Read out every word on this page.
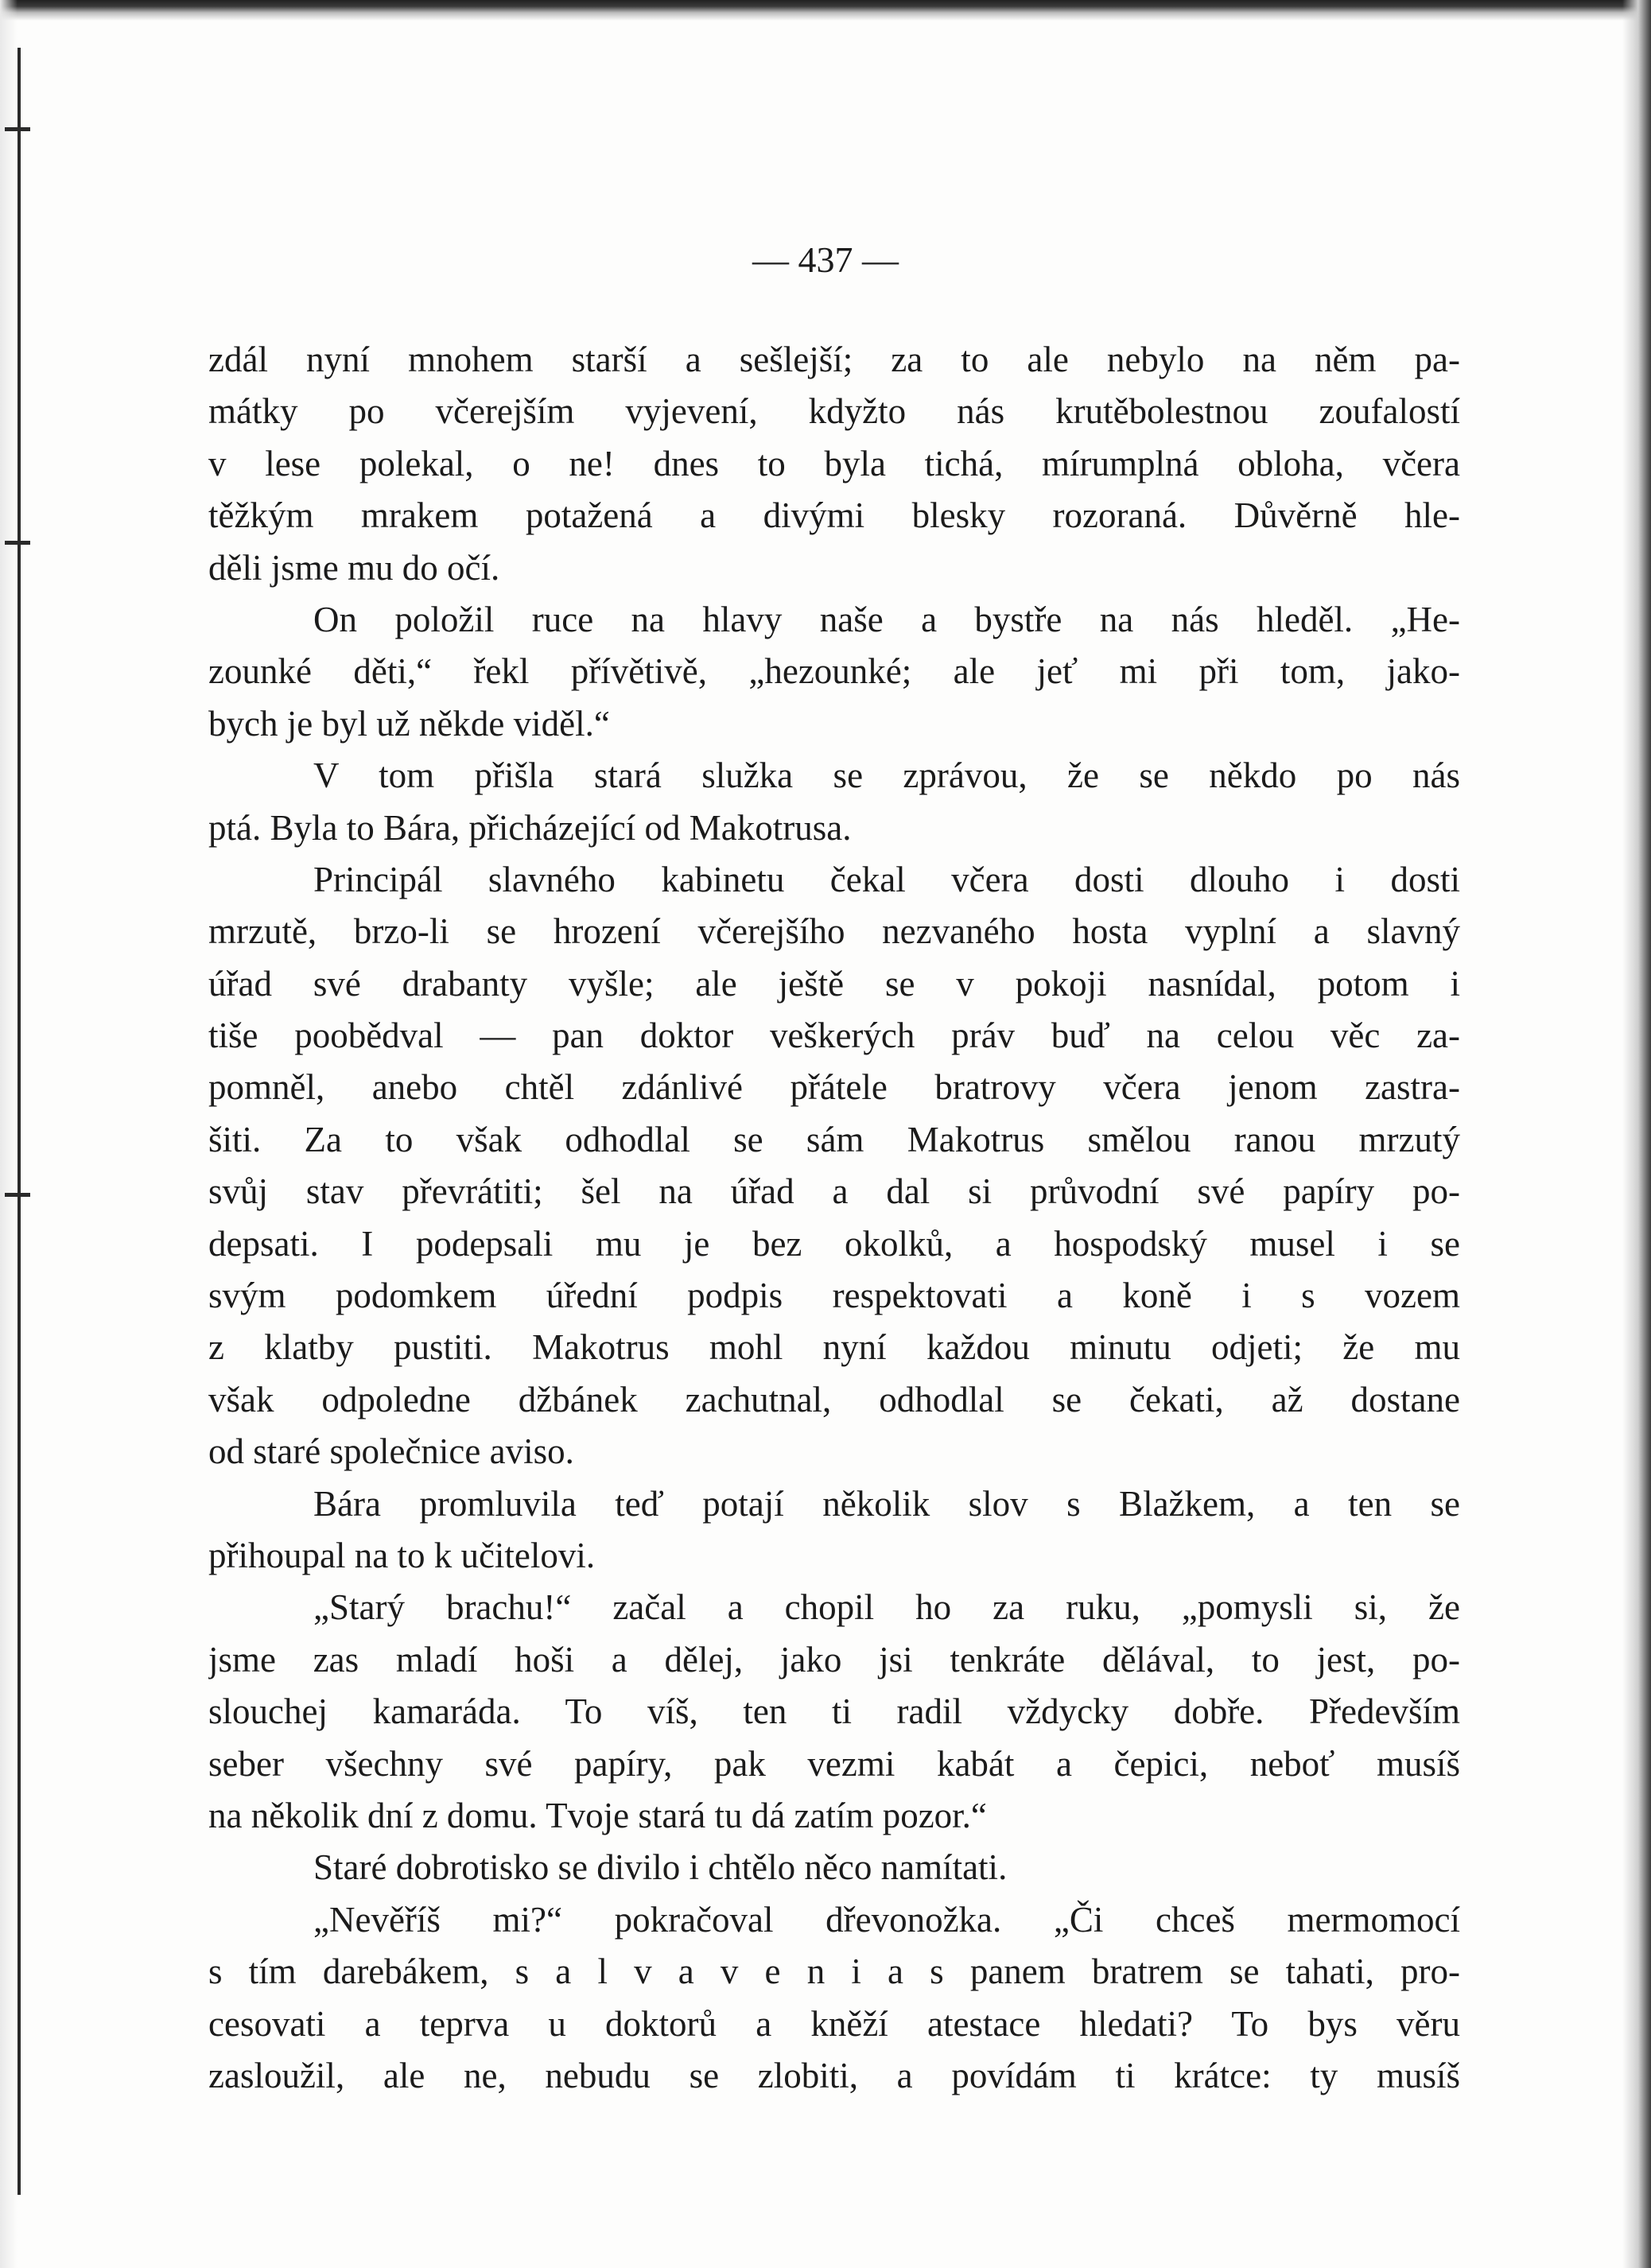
— 437 —

zdál nyní mnohem starší a sešlejší; za to ale nebylo na něm pa-
mátky po včerejším vyjevení, kdyžto nás krutěbolestnou zoufalostí
v lese polekal, o ne! dnes to byla tichá, mírumplná obloha, včera
těžkým mrakem potažená a divými blesky rozoraná. Důvěrně hle-
děli jsme mu do očí.
On položil ruce na hlavy naše a bystře na nás hleděl. „He-
zounké děti,“ řekl přívětivě, „hezounké; ale jeť mi při tom, jako-
bych je byl už někde viděl.“
V tom přišla stará služka se zprávou, že se někdo po nás
ptá. Byla to Bára, přicházející od Makotrusa.
Principál slavného kabinetu čekal včera dosti dlouho i dosti
mrzutě, brzo-li se hrození včerejšího nezvaného hosta vyplní a slavný
úřad své drabanty vyšle; ale ještě se v pokoji nasnídal, potom i
tiše poobědval — pan doktor veškerých práv buď na celou věc za-
pomněl, anebo chtěl zdánlivé přátele bratrovy včera jenom zastra-
šiti. Za to však odhodlal se sám Makotrus smělou ranou mrzutý
svůj stav převrátiti; šel na úřad a dal si průvodní své papíry po-
depsati. I podepsali mu je bez okolků, a hospodský musel i se
svým podomkem úřední podpis respektovati a koně i s vozem
z klatby pustiti. Makotrus mohl nyní každou minutu odjeti; že mu
však odpoledne džbánek zachutnal, odhodlal se čekati, až dostane
od staré společnice aviso.
Bára promluvila teď potají několik slov s Blažkem, a ten se
přihoupal na to k učitelovi.
„Starý brachu!“ začal a chopil ho za ruku, „pomysli si, že
jsme zas mladí hoši a dělej, jako jsi tenkráte dělával, to jest, po-
slouchej kamaráda. To víš, ten ti radil vždycky dobře. Především
seber všechny své papíry, pak vezmi kabát a čepici, neboť musíš
na několik dní z domu. Tvoje stará tu dá zatím pozor.“
Staré dobrotisko se divilo i chtělo něco namítati.
„Nevěříš mi?“ pokračoval dřevonožka. „Či chceš mermomocí
s tím darebákem, s a l v a v e n i a s panem bratrem se tahati, pro-
cesovati a teprva u doktorů a kněží atestace hledati? To bys věru
zasloužil, ale ne, nebudu se zlobiti, a povídám ti krátce: ty musíš
